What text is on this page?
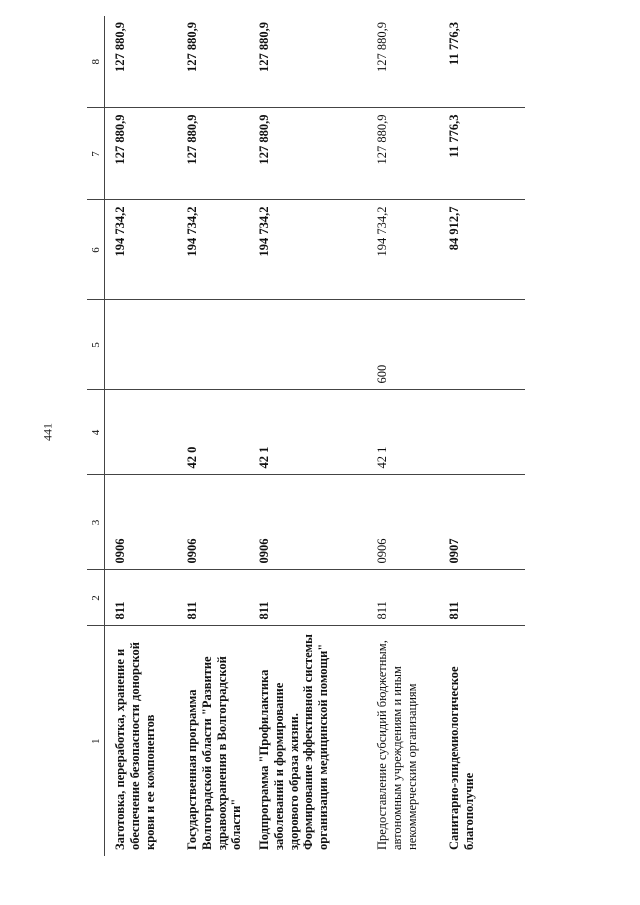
441
1	2	3	4	5	6	7	8
Заготовка, переработка, хранение и обеспечение безопасности донорской крови и ее компонентов	811	0906			194 734,2	127 880,9	127 880,9
Государственная программа Волгоградской области "Развитие здравоохранения в Волгоградской области"	811	0906	42 0		194 734,2	127 880,9	127 880,9
Подпрограмма "Профилактика заболеваний и формирование здорового образа жизни. Формирование эффективной системы организации медицинской помощи"	811	0906	42 1		194 734,2	127 880,9	127 880,9
Предоставление субсидий бюджетным, автономным учреждениям и иным некоммерческим организациям	811	0906	42 1	600	194 734,2	127 880,9	127 880,9
Санитарно-эпидемиологическое благополучие	811	0907			84 912,7	11 776,3	11 776,3
